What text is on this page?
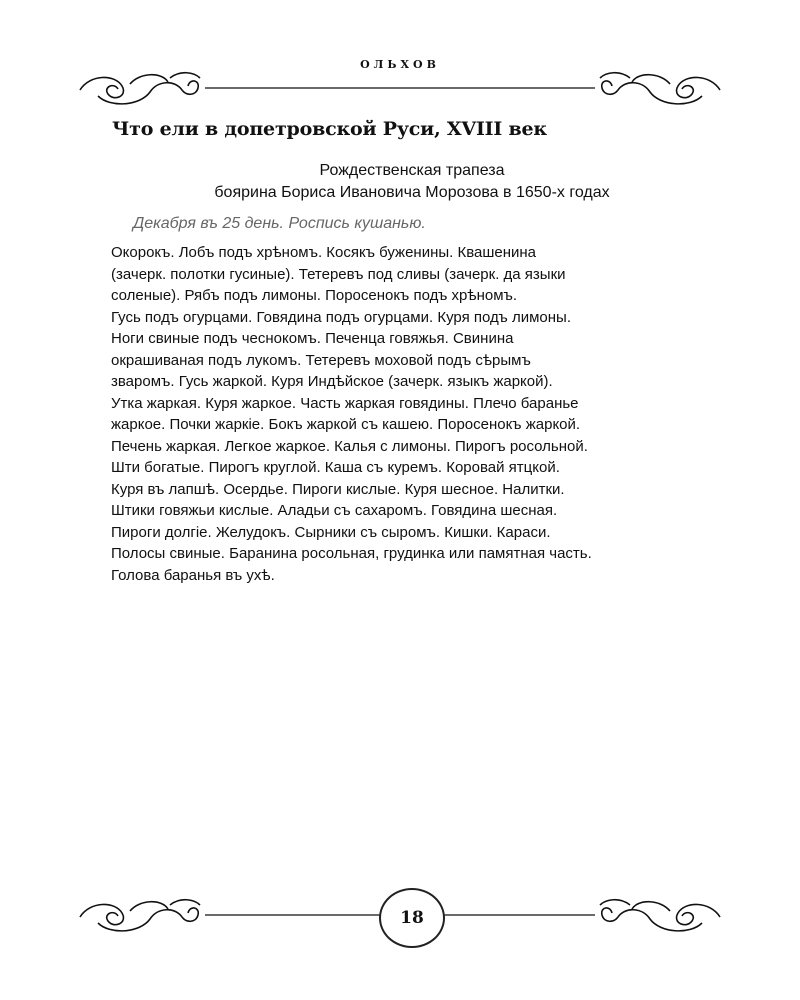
ОЛЬХОВ
Что ели в допетровской Руси, XVIII век
Рождественская трапеза
боярина Бориса Ивановича Морозова в 1650-х годах
Декабря въ 25 день. Роспись кушанью.
Окорокъ. Лобъ подъ хрѣномъ. Косякъ буженины. Квашенина
(зачерк. полотки гусиные). Тетеревъ под сливы (зачерк. да языки
соленые). Рябъ подъ лимоны. Поросенокъ подъ хрѣномъ.
Гусь подъ огурцами. Говядина подъ огурцами. Куря подъ лимоны.
Ноги свиные подъ чеснокомъ. Печенца говяжья. Свинина
окрашиваная подъ лукомъ. Тетеревъ моховой подъ сѣрымъ
зваромъ. Гусь жаркой. Куря Индѣйское (зачерк. языкъ жаркой).
Утка жаркая. Куря жаркое. Часть жаркая говядины. Плечо баранье
жаркое. Почки жаркіе. Бокъ жаркой съ кашею. Поросенокъ жаркой.
Печень жаркая. Легкое жаркое. Калья с лимоны. Пирогъ росольной.
Шти богатые. Пирогъ круглой. Каша съ куремъ. Коровай ятцкой.
Куря въ лапшѣ. Осердье. Пироги кислые. Куря шесное. Налитки.
Штики говяжьи кислые. Аладьи съ сахаромъ. Говядина шесная.
Пироги долгіе. Желудокъ. Сырники съ сыромъ. Кишки. Караси.
Полосы свиные. Баранина росольная, грудинка или памятная часть.
Голова баранья въ ухѣ.
18
